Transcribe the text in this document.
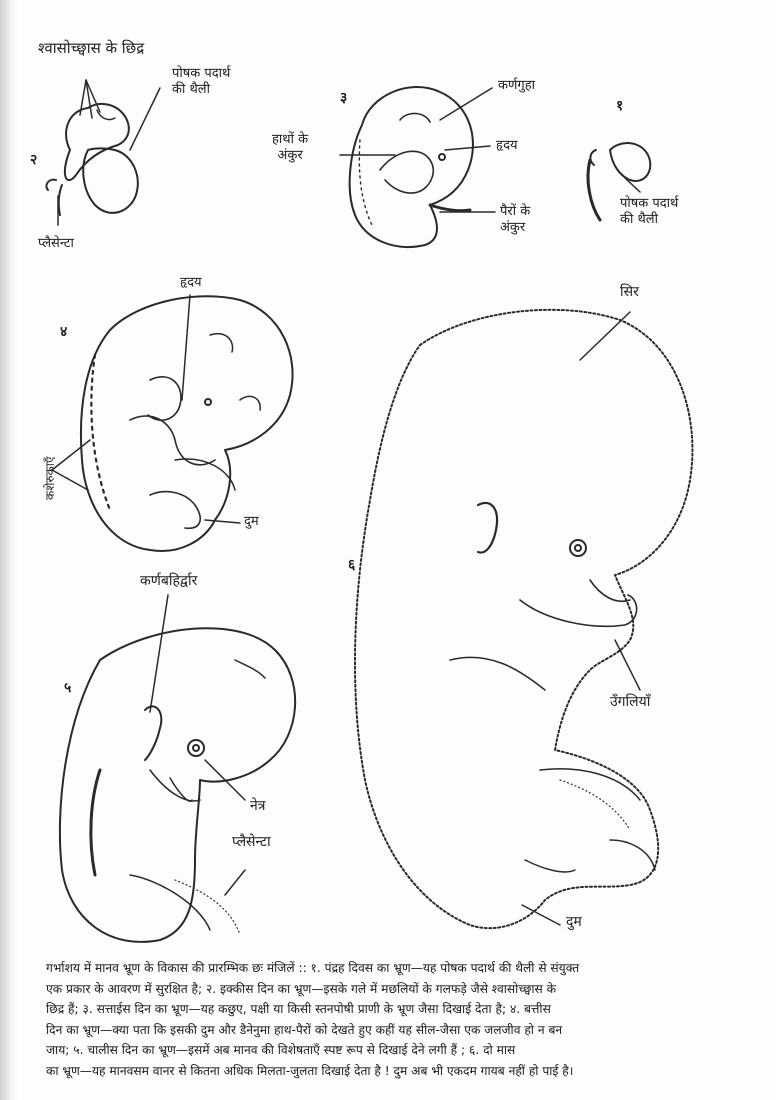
श्वासोच्छ्वास के छिद्र
२
३	१
४
५
६
पोषक पदार्थ
की थैली
प्लैसेन्टा
कर्णगुहा
हाथों के
अंकुर
हृदय
पैरों के
अंकुर
पोषक पदार्थ
की थैली
हृदय
कशेरुकाएँ
दुम
कर्णबहिर्द्वार
नेत्र
प्लैसेन्टा
सिर
उँगलियाँ
दुम

गर्भाशय में मानव भ्रूण के विकास की प्रारम्भिक छः मंजिलें :: १. पंद्रह दिवस का भ्रूण—यह पोषक पदार्थ की थैली से संयुक्त

एक प्रकार के आवरण में सुरक्षित है; २. इक्कीस दिन का भ्रूण—इसके गले में मछलियों के गलफड़े जैसे श्वासोच्छ्वास के

छिद्र हैं; ३. सत्ताईस दिन का भ्रूण—यह कछुए, पक्षी या किसी स्तनपोषी प्राणी के भ्रूण जैसा दिखाई देता है; ४. बत्तीस

दिन का भ्रूण—क्या पता कि इसकी दुम और डैनेनुमा हाथ-पैरों को देखते हुए कहीं यह सील-जैसा एक जलजीव हो न बन

जाय; ५. चालीस दिन का भ्रूण—इसमें अब मानव की विशेषताएँ स्पष्ट रूप से दिखाई देने लगी हैं ; ६. दो मास

का भ्रूण—यह मानवसम वानर से कितना अधिक मिलता-जुलता दिखाई देता है ! दुम अब भी एकदम गायब नहीं हो पाई है।
